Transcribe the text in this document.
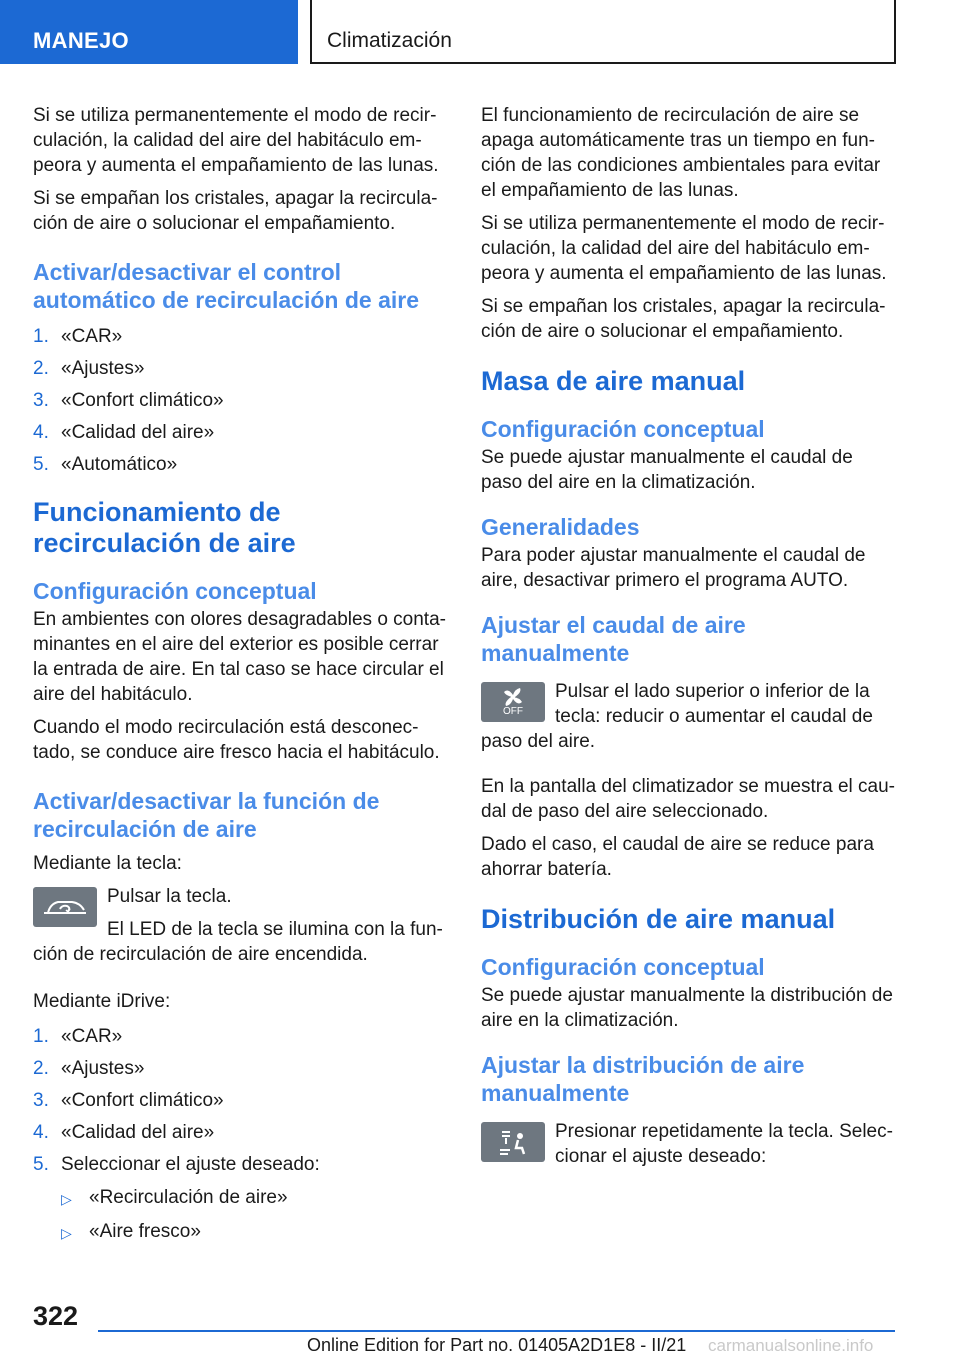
MANEJO	Climatización

Si se utiliza permanentemente el modo de recir-culación, la calidad del aire del habitáculo em-peora y aumenta el empañamiento de las lunas.

Si se empañan los cristales, apagar la recircula-ción de aire o solucionar el empañamiento.

Activar/desactivar el control automático de recirculación de aire
1. «CAR»
2. «Ajustes»
3. «Confort climático»
4. «Calidad del aire»
5. «Automático»
Funcionamiento de recirculación de aire
Configuración conceptual

En ambientes con olores desagradables o conta-minantes en el aire del exterior es posible cerrar la entrada de aire. En tal caso se hace circular el aire del habitáculo.

Cuando el modo recirculación está desconec-tado, se conduce aire fresco hacia el habitáculo.

Activar/desactivar la función de recirculación de aire

Mediante la tecla:

Pulsar la tecla.

El LED de la tecla se ilumina con la fun-ción de recirculación de aire encendida.

Mediante iDrive:

1. «CAR»
2. «Ajustes»
3. «Confort climático»
4. «Calidad del aire»
5. Seleccionar el ajuste deseado:
▷ «Recirculación de aire»
▷ «Aire fresco»

El funcionamiento de recirculación de aire se apaga automáticamente tras un tiempo en fun-ción de las condiciones ambientales para evitar el empañamiento de las lunas.

Si se utiliza permanentemente el modo de recir-culación, la calidad del aire del habitáculo em-peora y aumenta el empañamiento de las lunas.

Si se empañan los cristales, apagar la recircula-ción de aire o solucionar el empañamiento.

Masa de aire manual
Configuración conceptual

Se puede ajustar manualmente el caudal de paso del aire en la climatización.

Generalidades

Para poder ajustar manualmente el caudal de aire, desactivar primero el programa AUTO.

Ajustar el caudal de aire manualmente
OFF

Pulsar el lado superior o inferior de la tecla: reducir o aumentar el caudal de paso del aire.

En la pantalla del climatizador se muestra el cau-dal de paso del aire seleccionado.

Dado el caso, el caudal de aire se reduce para ahorrar batería.

Distribución de aire manual
Configuración conceptual

Se puede ajustar manualmente la distribución de aire en la climatización.

Ajustar la distribución de aire manualmente

Presionar repetidamente la tecla. Selec-cionar el ajuste deseado:

322
Online Edition for Part no. 01405A2D1E8 - II/21 carmanualsonline.info
